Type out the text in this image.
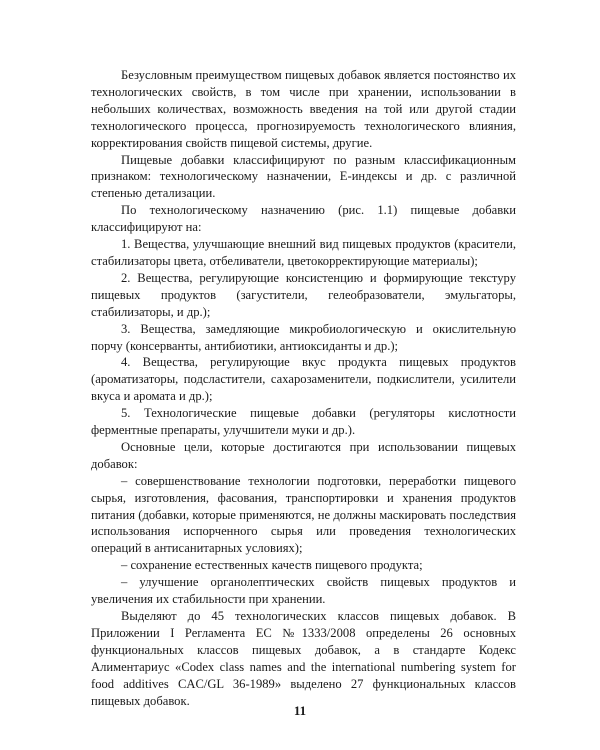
Безусловным преимуществом пищевых добавок является постоянство их технологических свойств, в том числе при хранении, использовании в небольших количествах, возможность введения на той или другой стадии технологического процесса, прогнозируемость технологического влияния, корректирования свойств пищевой системы, другие.

Пищевые добавки классифицируют по разным классификационным признаком: технологическому назначении, Е-индексы и др. с различной степенью детализации.

По технологическому назначению (рис. 1.1) пищевые добавки классифицируют на:

1. Вещества, улучшающие внешний вид пищевых продуктов (красители, стабилизаторы цвета, отбеливатели, цветокорректирующие материалы);

2. Вещества, регулирующие консистенцию и формирующие текстуру пищевых продуктов (загустители, гелеобразователи, эмульгаторы, стабилизаторы, и др.);

3. Вещества, замедляющие микробиологическую и окислительную порчу (консерванты, антибиотики, антиоксиданты и др.);

4. Вещества, регулирующие вкус продукта пищевых продуктов (ароматизаторы, подсластители, сахарозаменители, подкислители, усилители вкуса и аромата и др.);

5. Технологические пищевые добавки (регуляторы кислотности ферментные препараты, улучшители муки и др.).

Основные цели, которые достигаются при использовании пищевых добавок:

– совершенствование технологии подготовки, переработки пищевого сырья, изготовления, фасования, транспортировки и хранения продуктов питания (добавки, которые применяются, не должны маскировать последствия использования испорченного сырья или проведения технологических операций в антисанитарных условиях);

– сохранение естественных качеств пищевого продукта;

– улучшение органолептических свойств пищевых продуктов и увеличения их стабильности при хранении.

Выделяют до 45 технологических классов пищевых добавок. В Приложении I Регламента ЕС №1333/2008 определены 26 основных функциональных классов пищевых добавок, а в стандарте Кодекс Алиментариус «Codex class names and the international numbering system for food additives CAC/GL 36-1989» выделено 27 функциональных классов пищевых добавок.

11
